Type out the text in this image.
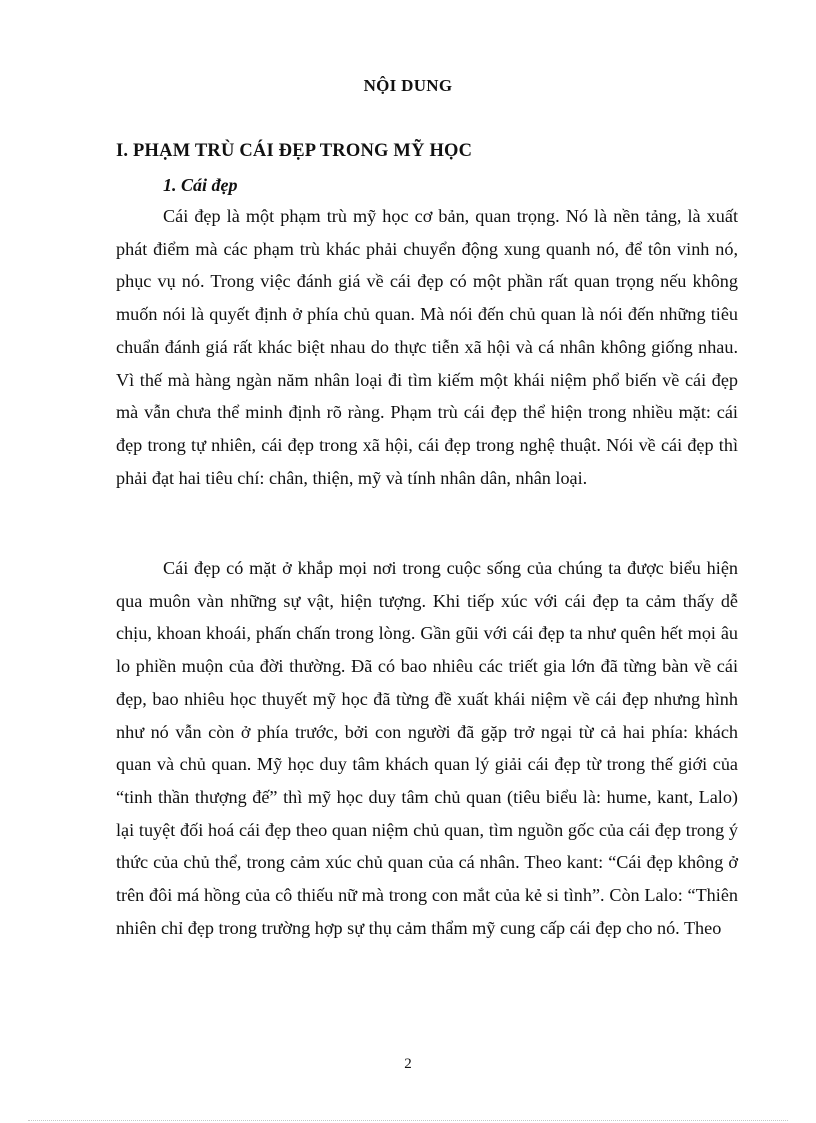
NỘI DUNG
I. PHẠM TRÙ CÁI ĐẸP TRONG MỸ HỌC
1. Cái đẹp

Cái đẹp là một phạm trù mỹ học cơ bản, quan trọng. Nó là nền tảng, là xuất phát điểm mà các phạm trù khác phải chuyển động xung quanh nó, để tôn vinh nó, phục vụ nó. Trong việc đánh giá về cái đẹp có một phần rất quan trọng nếu không muốn nói là quyết định ở phía chủ quan. Mà nói đến chủ quan là nói đến những tiêu chuẩn đánh giá rất khác biệt nhau do thực tiễn xã hội và cá nhân không giống nhau. Vì thế mà hàng ngàn năm nhân loại đi tìm kiếm một khái niệm phổ biến về cái đẹp mà vẫn chưa thể minh định rõ ràng. Phạm trù cái đẹp thể hiện trong nhiều mặt: cái đẹp trong tự nhiên, cái đẹp trong xã hội, cái đẹp trong nghệ thuật. Nói về cái đẹp thì phải đạt hai tiêu chí: chân, thiện, mỹ và tính nhân dân, nhân loại.

Cái đẹp có mặt ở khắp mọi nơi trong cuộc sống của chúng ta được biểu hiện qua muôn vàn những sự vật, hiện tượng. Khi tiếp xúc với cái đẹp ta cảm thấy dễ chịu, khoan khoái, phấn chấn trong lòng. Gần gũi với cái đẹp ta như quên hết mọi âu lo phiền muộn của đời thường. Đã có bao nhiêu các triết gia lớn đã từng bàn về cái đẹp, bao nhiêu học thuyết mỹ học đã từng đề xuất khái niệm về cái đẹp nhưng hình như nó vẫn còn ở phía trước, bởi con người đã gặp trở ngại từ cả hai phía: khách quan và chủ quan. Mỹ học duy tâm khách quan lý giải cái đẹp từ trong thế giới của “tinh thần thượng đế” thì mỹ học duy tâm chủ quan (tiêu biểu là: hume, kant, Lalo) lại tuyệt đối hoá cái đẹp theo quan niệm chủ quan, tìm nguồn gốc của cái đẹp trong ý thức của chủ thể, trong cảm xúc chủ quan của cá nhân. Theo kant: “Cái đẹp không ở trên đôi má hồng của cô thiếu nữ mà trong con mắt của kẻ si tình”. Còn Lalo: “Thiên nhiên chỉ đẹp trong trường hợp sự thụ cảm thẩm mỹ cung cấp cái đẹp cho nó. Theo

2
